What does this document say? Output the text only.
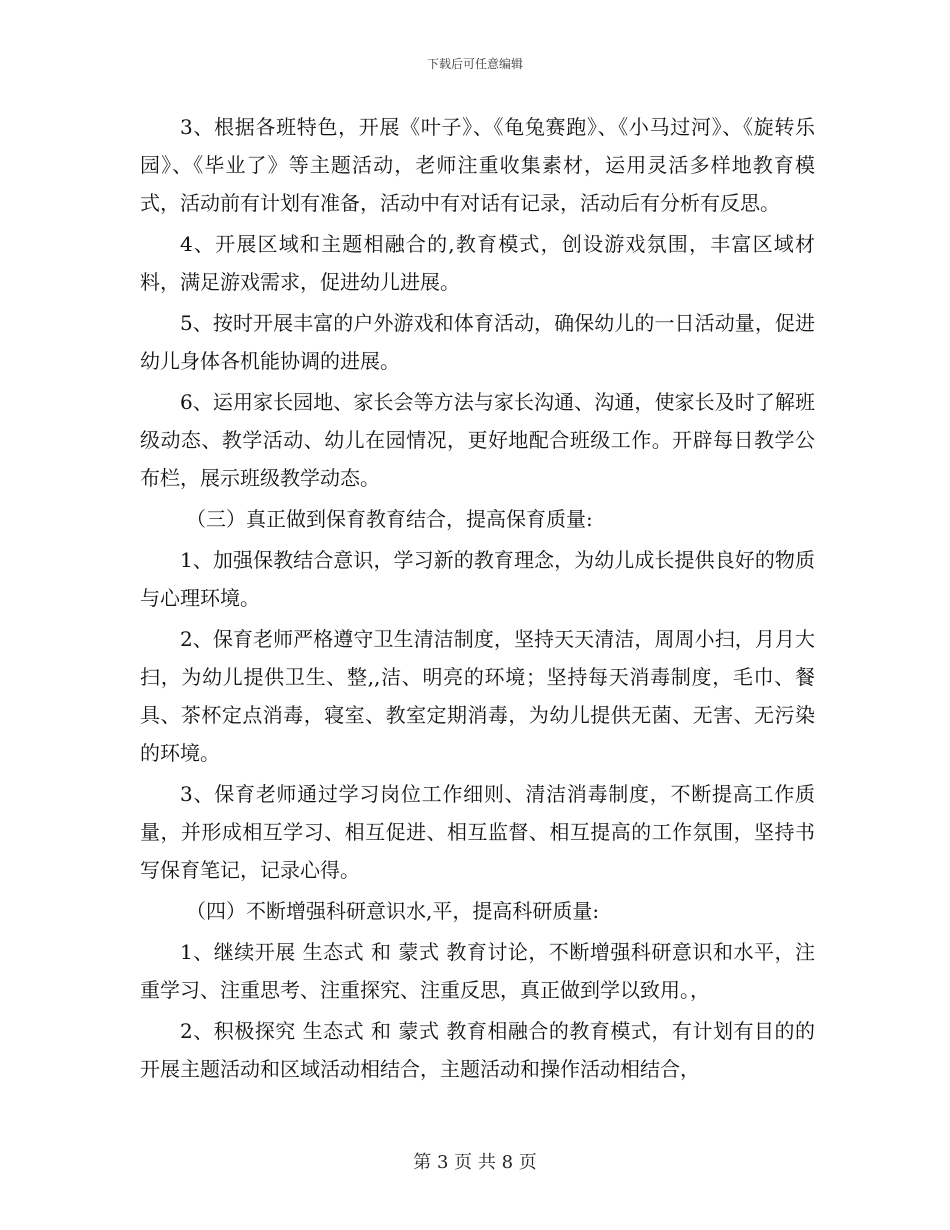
下载后可任意编辑

3、根据各班特色，开展《叶子》、《龟兔赛跑》、《小马过河》、《旋转乐园》、《毕业了》等主题活动，老师注重收集素材，运用灵活多样地教育模式，活动前有计划有准备，活动中有对话有记录，活动后有分析有反思。

4、开展区域和主题相融合的,教育模式，创设游戏氛围，丰富区域材料，满足游戏需求，促进幼儿进展。

5、按时开展丰富的户外游戏和体育活动，确保幼儿的一日活动量，促进幼儿身体各机能协调的进展。

6、运用家长园地、家长会等方法与家长沟通、沟通，使家长及时了解班级动态、教学活动、幼儿在园情况，更好地配合班级工作。开辟每日教学公布栏，展示班级教学动态。

（三）真正做到保育教育结合，提高保育质量:

1、加强保教结合意识，学习新的教育理念，为幼儿成长提供良好的物质与心理环境。

2、保育老师严格遵守卫生清洁制度，坚持天天清洁，周周小扫，月月大扫，为幼儿提供卫生、整,,洁、明亮的环境；坚持每天消毒制度，毛巾、餐具、茶杯定点消毒，寝室、教室定期消毒，为幼儿提供无菌、无害、无污染的环境。

3、保育老师通过学习岗位工作细则、清洁消毒制度，不断提高工作质量，并形成相互学习、相互促进、相互监督、相互提高的工作氛围，坚持书写保育笔记，记录心得。

（四）不断增强科研意识水,平，提高科研质量:

1、继续开展 生态式 和 蒙式 教育讨论，不断增强科研意识和水平，注重学习、注重思考、注重探究、注重反思，真正做到学以致用。，

2、积极探究 生态式 和 蒙式 教育相融合的教育模式，有计划有目的的开展主题活动和区域活动相结合，主题活动和操作活动相结合，

第 3 页 共 8 页
